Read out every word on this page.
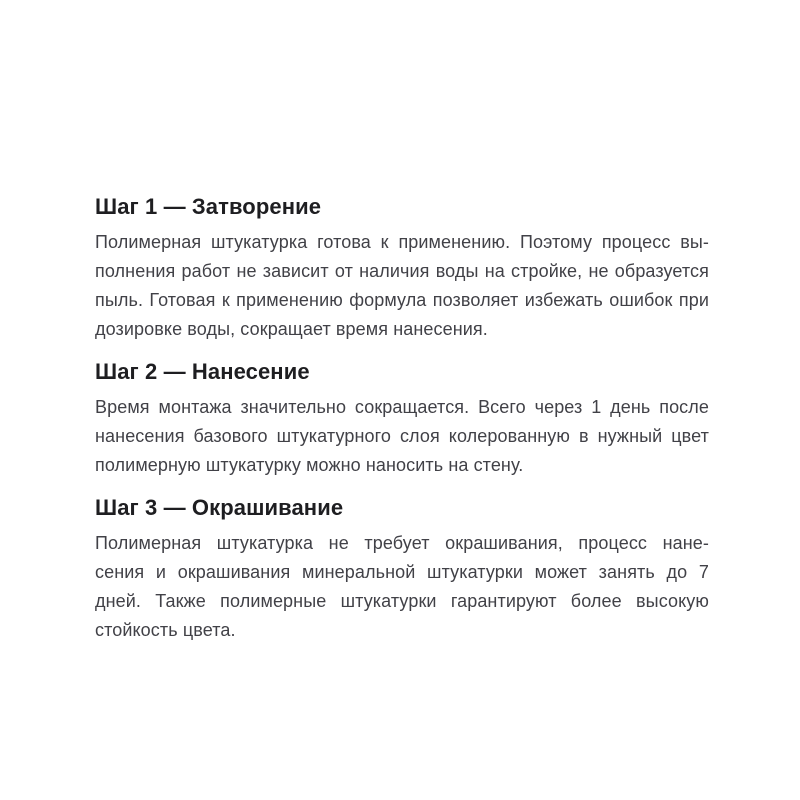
Шаг 1 — Затворение
Полимерная штукатурка готова к применению. Поэтому процесс вы-
полнения работ не зависит от наличия воды на стройке, не образуется
пыль. Готовая к применению формула позволяет избежать ошибок при
дозировке воды, сокращает время нанесения.
Шаг 2 — Нанесение
Время монтажа значительно сокращается. Всего через 1 день после
нанесения базового штукатурного слоя колерованную в нужный цвет
полимерную штукатурку можно наносить на стену.
Шаг 3 — Окрашивание
Полимерная штукатурка не требует окрашивания, процесс нане-
сения и окрашивания минеральной штукатурки может занять до 7
дней. Также полимерные штукатурки гарантируют более высокую
стойкость цвета.
